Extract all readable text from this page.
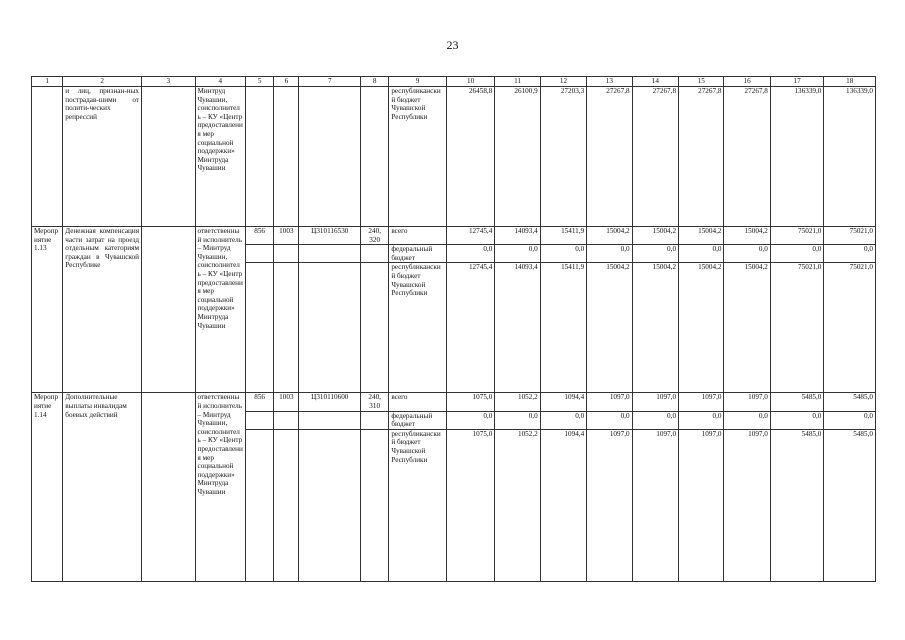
23
1	2	3	4	5	6	7	8	9	10	11	12	13	14	15	16	17	18
	и лиц, признан-ных пострадав-шими от полити-ческих репрессий		Минтруд Чувашии, соисполнитель – КУ «Центр предоставления мер социальной поддержки» Минтруда Чувашии					республиканский бюджет Чувашской Республики	26458,8	26100,9	27203,3	27267,8	27267,8	27267,8	27267,8	136339,0	136339,0
Мероприятие 1.13	Денежная компенсация части затрат на проезд отдельным категориям граждан в Чувашской Республике		ответственный исполнитель – Минтруд Чувашии, соисполнитель – КУ «Центр предоставления мер социальной поддержки» Минтруда Чувашии	856	1003	Ц310116530	240, 320	всего	12745,4	14093,4	15411,9	15004,2	15004,2	15004,2	15004,2	75021,0	75021,0
								федеральный бюджет	0,0	0,0	0,0	0,0	0,0	0,0	0,0	0,0	0,0
								республиканский бюджет Чувашской Республики	12745,4	14093,4	15411,9	15004,2	15004,2	15004,2	15004,2	75021,0	75021,0
Мероприятие 1.14	Дополнительные выплаты инвалидам боевых действий		ответственный исполнитель – Минтруд Чувашии, соисполнитель – КУ «Центр предоставления мер социальной поддержки» Минтруда Чувашии	856	1003	Ц310110600	240, 310	всего	1075,0	1052,2	1094,4	1097,0	1097,0	1097,0	1097,0	5485,0	5485,0
								федеральный бюджет	0,0	0,0	0,0	0,0	0,0	0,0	0,0	0,0	0,0
								республиканский бюджет Чувашской Республики	1075,0	1052,2	1094,4	1097,0	1097,0	1097,0	1097,0	5485,0	5485,0
